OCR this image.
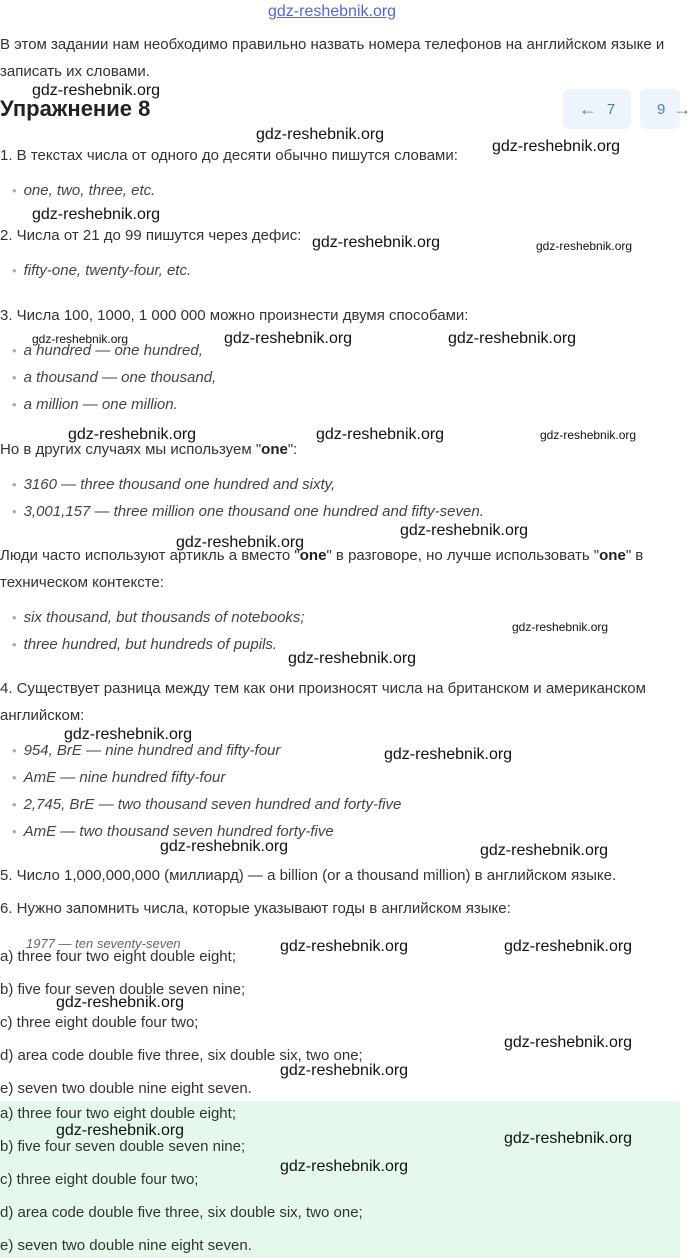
gdz-reshebnik.org
В этом задании нам необходимо правильно назвать номера телефонов на английском языке и записать их словами.
Упражнение 8	← 7	9 →
1. В текстах числа от одного до десяти обычно пишутся словами:
• one, two, three, etc.
2. Числа от 21 до 99 пишутся через дефис:
• fifty-one, twenty-four, etc.
3. Числа 100, 1000, 1 000 000 можно произнести двумя способами:
• a hundred — one hundred,
• a thousand — one thousand,
• a million — one million.
Но в других случаях мы используем "one":
• 3160 — three thousand one hundred and sixty,
• 3,001,157 — three million one thousand one hundred and fifty-seven.
Люди часто используют артикль a вместо "one" в разговоре, но лучше использовать "one" в техническом контексте:
• six thousand, but thousands of notebooks;
• three hundred, but hundreds of pupils.
4. Существует разница между тем как они произносят числа на британском и американском английском:
• 954, BrE — nine hundred and fifty-four
• AmE — nine hundred fifty-four
• 2,745, BrE — two thousand seven hundred and forty-five
• AmE — two thousand seven hundred forty-five
5. Число 1,000,000,000 (миллиард) — a billion (or a thousand million) в английском языке.
6. Нужно запомнить числа, которые указывают годы в английском языке:
1977 — ten seventy-seven
a) three four two eight double eight;
b) five four seven double seven nine;
c) three eight double four two;
d) area code double five three, six double six, two one;
e) seven two double nine eight seven.
a) three four two eight double eight;
b) five four seven double seven nine;
c) three eight double four two;
d) area code double five three, six double six, two one;
e) seven two double nine eight seven.
gdz-reshebnik.org
gdz-reshebnik.org
gdz-reshebnik.org
gdz-reshebnik.org
gdz-reshebnik.org	gdz-reshebnik.org
gdz-reshebnik.org	gdz-reshebnik.org	gdz-reshebnik.org
gdz-reshebnik.org	gdz-reshebnik.org	gdz-reshebnik.org
gdz-reshebnik.org
gdz-reshebnik.org
gdz-reshebnik.org
gdz-reshebnik.org
gdz-reshebnik.org
gdz-reshebnik.org
gdz-reshebnik.org	gdz-reshebnik.org
gdz-reshebnik.org	gdz-reshebnik.org
gdz-reshebnik.org
gdz-reshebnik.org
gdz-reshebnik.org
gdz-reshebnik.org	gdz-reshebnik.org
gdz-reshebnik.org
